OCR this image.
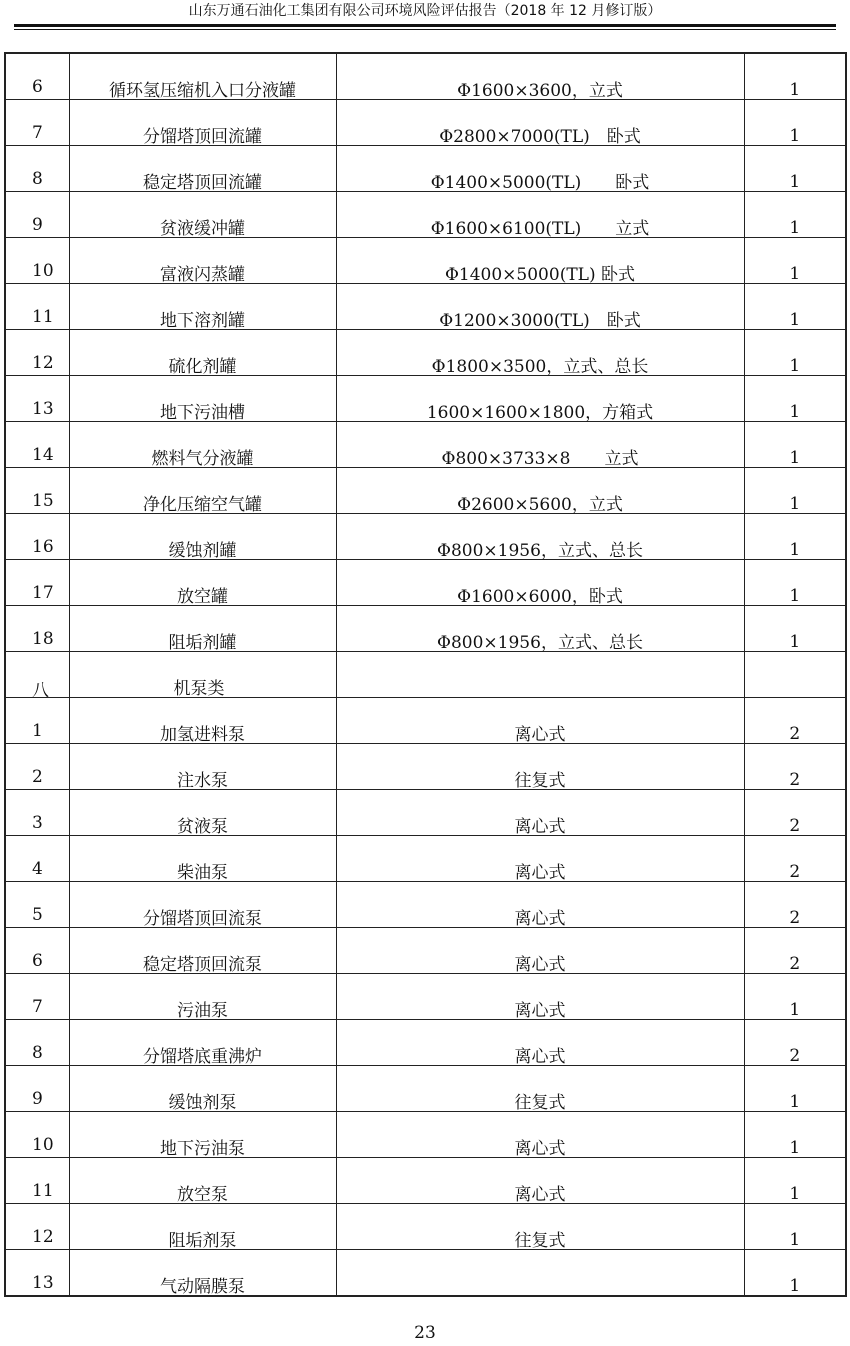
山东万通石油化工集团有限公司环境风险评估报告（2018 年 12 月修订版）
6	循环氢压缩机入口分液罐	Φ1600×3600，立式	1

7	分馏塔顶回流罐	Φ2800×7000(TL)　卧式	1

8	稳定塔顶回流罐	Φ1400×5000(TL)　　卧式	1

9	贫液缓冲罐	Φ1600×6100(TL)　　立式	1

10	富液闪蒸罐	Φ1400×5000(TL) 卧式	1

11	地下溶剂罐	Φ1200×3000(TL)　卧式	1

12	硫化剂罐	Φ1800×3500，立式、总长	1

13	地下污油槽	1600×1600×1800，方箱式	1

14	燃料气分液罐	Φ800×3733×8　　立式	1

15	净化压缩空气罐	Φ2600×5600，立式	1

16	缓蚀剂罐	Φ800×1956，立式、总长	1

17	放空罐	Φ1600×6000，卧式	1

18	阻垢剂罐	Φ800×1956，立式、总长	1

八	机泵类		

1	加氢进料泵	离心式	2

2	注水泵	往复式	2

3	贫液泵	离心式	2

4	柴油泵	离心式	2

5	分馏塔顶回流泵	离心式	2

6	稳定塔顶回流泵	离心式	2

7	污油泵	离心式	1

8	分馏塔底重沸炉	离心式	2

9	缓蚀剂泵	往复式	1

10	地下污油泵	离心式	1

11	放空泵	离心式	1

12	阻垢剂泵	往复式	1

13	气动隔膜泵		1
23
